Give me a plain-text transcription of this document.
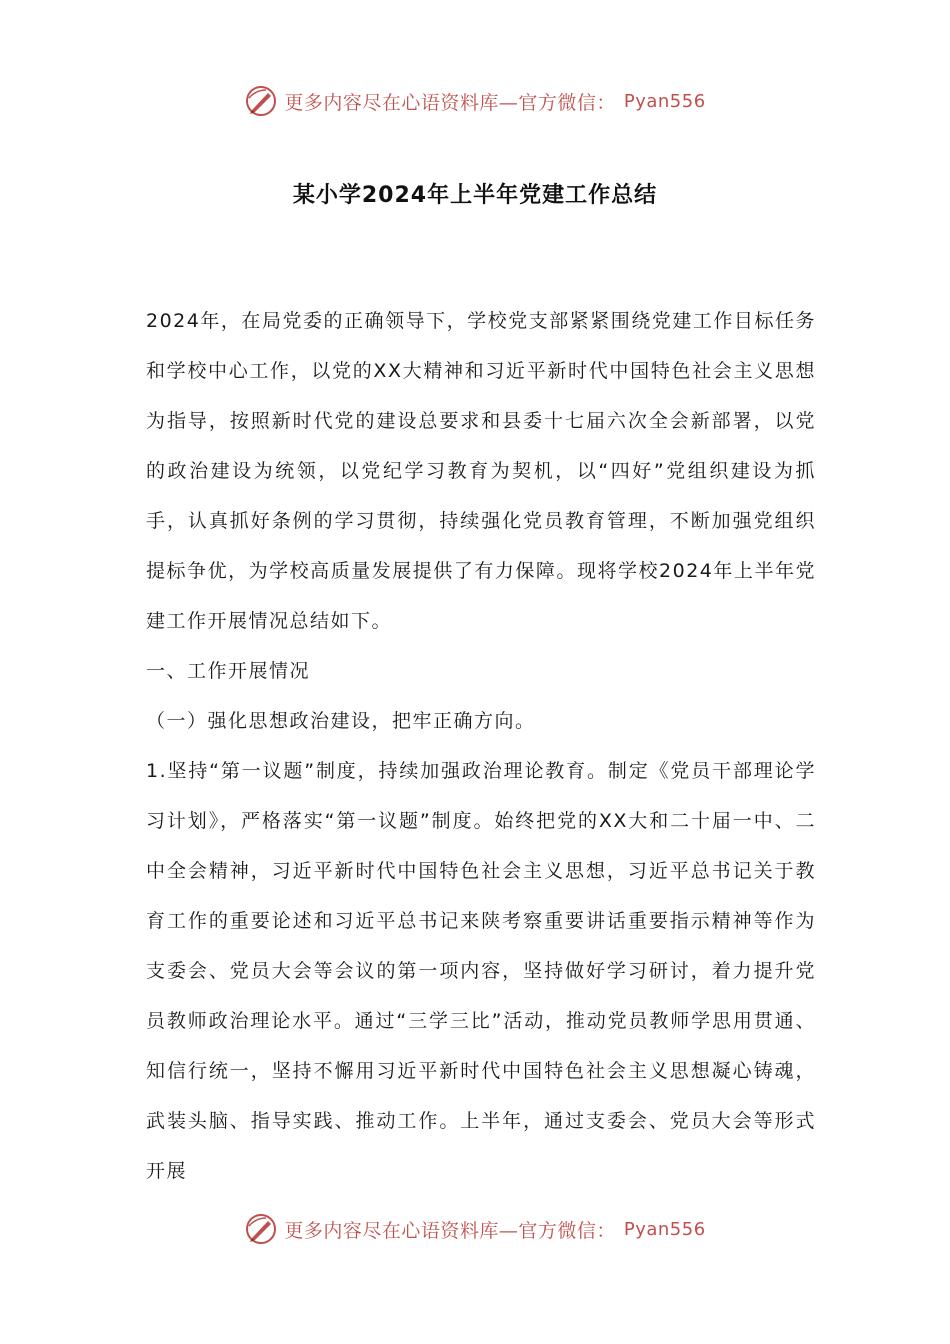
更多内容尽在心语资料库—官方微信： Pyan556
某小学2024年上半年党建工作总结

2024年，在局党委的正确领导下，学校党支部紧紧围绕党建工作目标任务和学校中心工作，以党的XX大精神和习近平新时代中国特色社会主义思想为指导，按照新时代党的建设总要求和县委十七届六次全会新部署，以党的政治建设为统领，以党纪学习教育为契机，以“四好”党组织建设为抓手，认真抓好条例的学习贯彻，持续强化党员教育管理，不断加强党组织提标争优，为学校高质量发展提供了有力保障。现将学校2024年上半年党建工作开展情况总结如下。

一、工作开展情况

（一）强化思想政治建设，把牢正确方向。

1.坚持“第一议题”制度，持续加强政治理论教育。制定《党员干部理论学习计划》，严格落实“第一议题”制度。始终把党的XX大和二十届一中、二中全会精神，习近平新时代中国特色社会主义思想，习近平总书记关于教育工作的重要论述和习近平总书记来陕考察重要讲话重要指示精神等作为支委会、党员大会等会议的第一项内容，坚持做好学习研讨，着力提升党员教师政治理论水平。通过“三学三比”活动，推动党员教师学思用贯通、知信行统一，坚持不懈用习近平新时代中国特色社会主义思想凝心铸魂，武装头脑、指导实践、推动工作。上半年，通过支委会、党员大会等形式开展

更多内容尽在心语资料库—官方微信： Pyan556
